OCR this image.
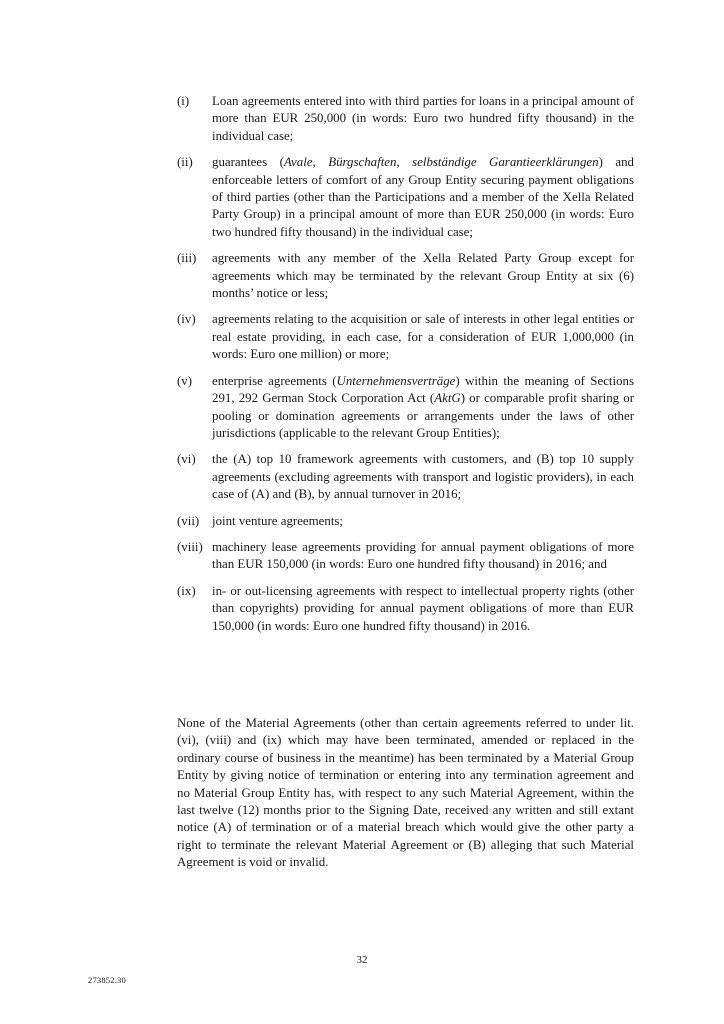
(i)	Loan agreements entered into with third parties for loans in a principal amount of more than EUR 250,000 (in words: Euro two hundred fifty thousand) in the individual case;
(ii)	guarantees (Avale, Bürgschaften, selbständige Garantieerklärungen) and enforceable letters of comfort of any Group Entity securing payment obligations of third parties (other than the Participations and a member of the Xella Related Party Group) in a principal amount of more than EUR 250,000 (in words: Euro two hundred fifty thousand) in the individual case;
(iii)	agreements with any member of the Xella Related Party Group except for agreements which may be terminated by the relevant Group Entity at six (6) months’ notice or less;
(iv)	agreements relating to the acquisition or sale of interests in other legal entities or real estate providing, in each case, for a consideration of EUR 1,000,000 (in words: Euro one million) or more;
(v)	enterprise agreements (Unternehmensverträge) within the meaning of Sections 291, 292 German Stock Corporation Act (AktG) or comparable profit sharing or pooling or domination agreements or arrangements under the laws of other jurisdictions (applicable to the relevant Group Entities);
(vi)	the (A) top 10 framework agreements with customers, and (B) top 10 supply agreements (excluding agreements with transport and logistic providers), in each case of (A) and (B), by annual turnover in 2016;
(vii) joint venture agreements;
(viii) machinery lease agreements providing for annual payment obligations of more than EUR 150,000 (in words: Euro one hundred fifty thousand) in 2016; and
(ix)	in- or out-licensing agreements with respect to intellectual property rights (other than copyrights) providing for annual payment obligations of more than EUR 150,000 (in words: Euro one hundred fifty thousand) in 2016.

None of the Material Agreements (other than certain agreements referred to under lit. (vi), (viii) and (ix) which may have been terminated, amended or replaced in the ordinary course of business in the meantime) has been terminated by a Material Group Entity by giving notice of termination or entering into any termination agreement and no Material Group Entity has, with respect to any such Material Agreement, within the last twelve (12) months prior to the Signing Date, received any written and still extant notice (A) of termination or of a material breach which would give the other party a right to terminate the relevant Material Agreement or (B) alleging that such Material Agreement is void or invalid.

32
273852.30
